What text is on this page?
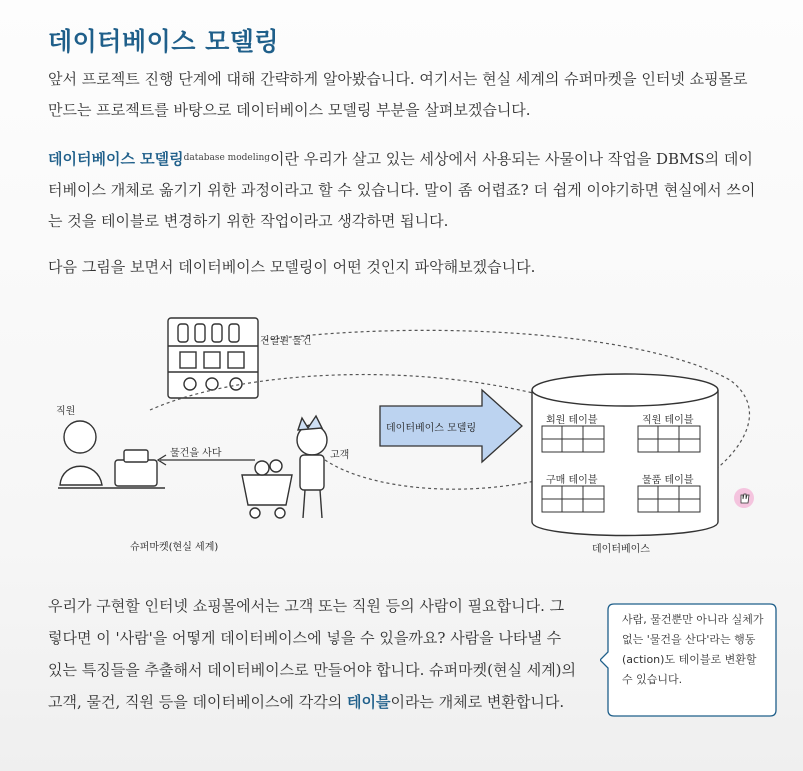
데이터베이스 모델링
앞서 프로젝트 진행 단계에 대해 간략하게 알아봤습니다. 여기서는 현실 세계의 슈퍼마켓을 인터넷 쇼핑몰로 만드는 프로젝트를 바탕으로 데이터베이스 모델링 부분을 살펴보겠습니다.
데이터베이스 모델링$^{database modeling}$이란 우리가 살고 있는 세상에서 사용되는 사물이나 작업을 DBMS의 데이터베이스 개체로 옮기기 위한 과정이라고 할 수 있습니다. 말이 좀 어렵죠? 더 쉽게 이야기하면 현실에서 쓰이는 것을 테이블로 변경하기 위한 작업이라고 생각하면 됩니다.
다음 그림을 보면서 데이터베이스 모델링이 어떤 것인지 파악해보겠습니다.
진열된 물건
직원
물건을 사다	고객
데이터베이스 모델링
회원 테이블	직원 테이블
구매 테이블	물품 테이블
슈퍼마켓(현실 세계)	데이터베이스
우리가 구현할 인터넷 쇼핑몰에서는 고객 또는 직원 등의 사람이 필요합니다. 그렇다면 이 '사람'을 어떻게 데이터베이스에 넣을 수 있을까요? 사람을 나타낼 수 있는 특징들을 추출해서 데이터베이스로 만들어야 합니다. 슈퍼마켓(현실 세계)의 고객, 물건, 직원 등을 데이터베이스에 각각의 테이블이라는 개체로 변환합니다.
사람, 물건뿐만 아니라 실체가 없는 '물건을 산다'라는 행동(action)도 테이블로 변환할 수 있습니다.
